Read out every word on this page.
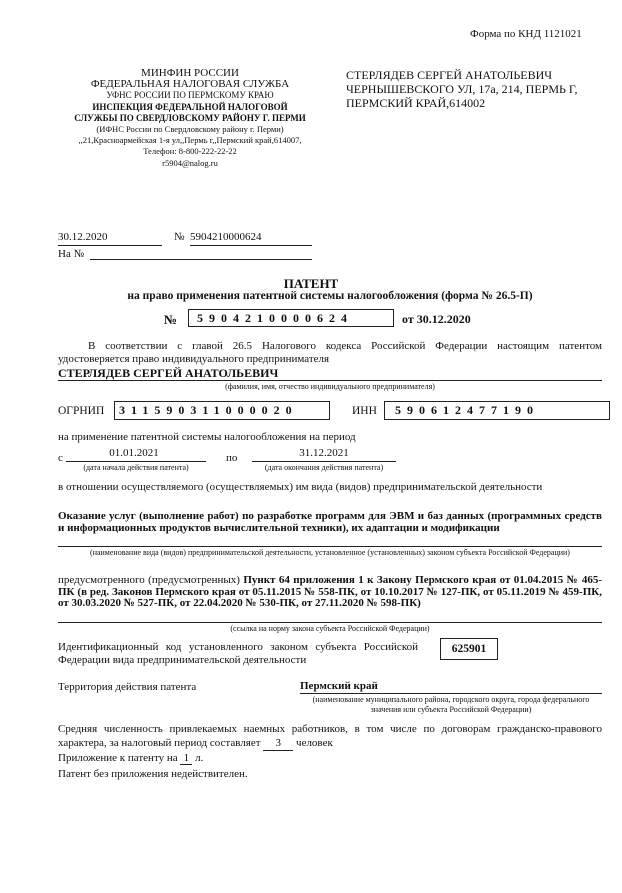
Форма по КНД 1121021
МИНФИН РОССИИ
ФЕДЕРАЛЬНАЯ НАЛОГОВАЯ СЛУЖБА
УФНС РОССИИ ПО ПЕРМСКОМУ КРАЮ
ИНСПЕКЦИЯ ФЕДЕРАЛЬНОЙ НАЛОГОВОЙ
СЛУЖБЫ ПО СВЕРДЛОВСКОМУ РАЙОНУ Г. ПЕРМИ
(ИФНС России по Свердловскому району г. Перми)
,,21,Красноармейская 1-я ул,,Пермь г,,Пермский край,614007,
Телефон: 8-800-222-22-22
r5904@nalog.ru
СТЕРЛЯДЕВ СЕРГЕЙ АНАТОЛЬЕВИЧ
ЧЕРНЫШЕВСКОГО УЛ, 17а, 214, ПЕРМЬ Г,
ПЕРМСКИЙ КРАЙ,614002
30.12.2020	№ 5904210000624
На №
ПАТЕНТ
на право применения патентной системы налогообложения (форма № 26.5-П)
№	5904210000624	от 30.12.2020
В соответствии с главой 26.5 Налогового кодекса Российской Федерации настоящим патентом удостоверяется право индивидуального предпринимателя
СТЕРЛЯДЕВ СЕРГЕЙ АНАТОЛЬЕВИЧ
(фамилия, имя, отчество индивидуального предпринимателя)
ОГРНИП	311590311000020	ИНН	590612477190
на применение патентной системы налогообложения на период
с	01.01.2021
(дата начала действия патента)
по	31.12.2021
(дата окончания действия патента)
в отношении осуществляемого (осуществляемых) им вида (видов) предпринимательской деятельности
Оказание услуг (выполнение работ) по разработке программ для ЭВМ и баз данных (программных средств и информационных продуктов вычислительной техники), их адаптации и модификации
(наименование вида (видов) предпринимательской деятельности, установленное (установленных) законом субъекта Российской Федерации)
предусмотренного (предусмотренных) Пункт 64 приложения 1 к Закону Пермского края от 01.04.2015 № 465-ПК (в ред. Законов Пермского края от 05.11.2015 № 558-ПК, от 10.10.2017 № 127-ПК, от 05.11.2019 № 459-ПК, от 30.03.2020 № 527-ПК, от 22.04.2020 № 530-ПК, от 27.11.2020 № 598-ПК)
(ссылка на норму закона субъекта Российской Федерации)
Идентификационный код установленного законом субъекта Российской Федерации вида предпринимательской деятельности
625901
Территория действия патента	Пермский край
(наименование муниципального района, городского округа, города федерального значения или субъекта Российской Федерации)
Средняя численность привлекаемых наемных работников, в том числе по договорам гражданско-правового характера, за налоговый период составляет 3 человек
Приложение к патенту на 1 л.
Патент без приложения недействителен.
